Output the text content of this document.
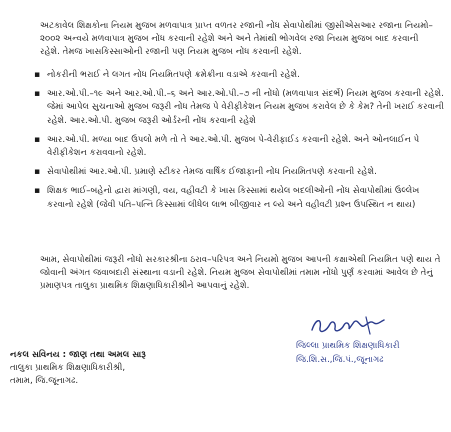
અટકાવેલ શિક્ષકોના નિયમ મુજબ મળવાપાત્ર પ્રાપ્ત વળતર રજાની નોંધ સેવાપોથીમાં જીસીએસઆર રજાના નિયમો–૨૦૦૨ અન્વયે મળવાપાત્ર મુજબ નોંધ કરવાની રહેશે અને અને તેમાંથી ભોગવેલ રજા નિયમ મુજબ બાદ કરવાની રહેશે. તેમજ ખાસકિસ્સાઓની રજાની પણ નિયમ મુજબ નોંધ કરવાની રહેશે.
▪ નોકરીની ભરાઈ ને લગત નોંધ નિયમિતપણે ક્રમેક્રીના વડાએ કરવાની રહેશે.
▪ આર.ઓ.પી.–૧૯ અને આર.ઓ.પી.–૬ અને આર.ઓ.પી.–૭ ની નોંધો (મળવાપાત્ર સંદર્ભે) નિયમ મુજબ કરવાની રહેશે. જેમાં આપેલ સુચનાઓ મુજબ જરૂરી નોંધ તેમજ પે વેરીફીકેશન નિયમ મુજબ કરાવેલ છે કે કેમ? તેની ખરાઈ કરવાની રહેશે. આર.ઓ.પી. મુજબ જરૂરી ઓર્ડરની નોંધ કરવાની રહેશે
▪ આર.ઓ.પી. મળ્યા બાદ ઉપલો મળે તો તે આર.ઓ.પી. મુજબ પે-વેરીફાઈડ કરવાની રહેશે. અને ઓનલાઈન પે વેરીફીકેશન કરાવવાનો રહેશે.
▪ સેવાપોથીમાં આર.ઓ.પી. પ્રમાણે સ્ટીકર તેમજ વાર્ષિક ઈજાફાની નોંધ નિયમિતપણે કરવાની રહેશે.
▪ શિક્ષક ભાઈ–બહેનો દ્વારા માંગણી, વય, વહીવટી કે ખાસ કિસ્સામાં થયેલ બદલીઓની નોંધ સેવાપોથીમાં ઉલ્લેખ કરવાનો રહેશે (જેવી પતિ–પત્નિ કિસ્સામાં લીધેલ લાભ બીજીવાર ન લ્યે અને વહીવટી પ્રશ્ન ઉપસ્થિત ન થાય)
આમ, સેવાપોથીમાં જરૂરી નોંધો સરકારશ્રીના ઠરાવ–પરિપત્ર અને નિયમો મુજબ આપની કક્ષાએથી નિયમિત પણે થાય તે જોવાની અંગત જવાબદારી સંસ્થાના વડાની રહેશે. નિયમ મુજબ સેવાપોથીમાં તમામ નોંધો પુર્ણ કરવામાં આવેલ છે તેનું પ્રમાણપત્ર તાલુકા પ્રાથમિક શિક્ષણાધિકારીશ્રીને આપવાનું રહેશે.
જિલ્લા પ્રાથમિક શિક્ષણાધિકારી
જિ.શિ.સ.,જિ.પં.,જૂનાગઢ
નકલ સવિનય : જાણ તથા અમલ સારૂ
તાલુકા પ્રાથમિક શિક્ષણાધિકારીશ્રી,
તમામ, જિ.જૂનાગઢ.
